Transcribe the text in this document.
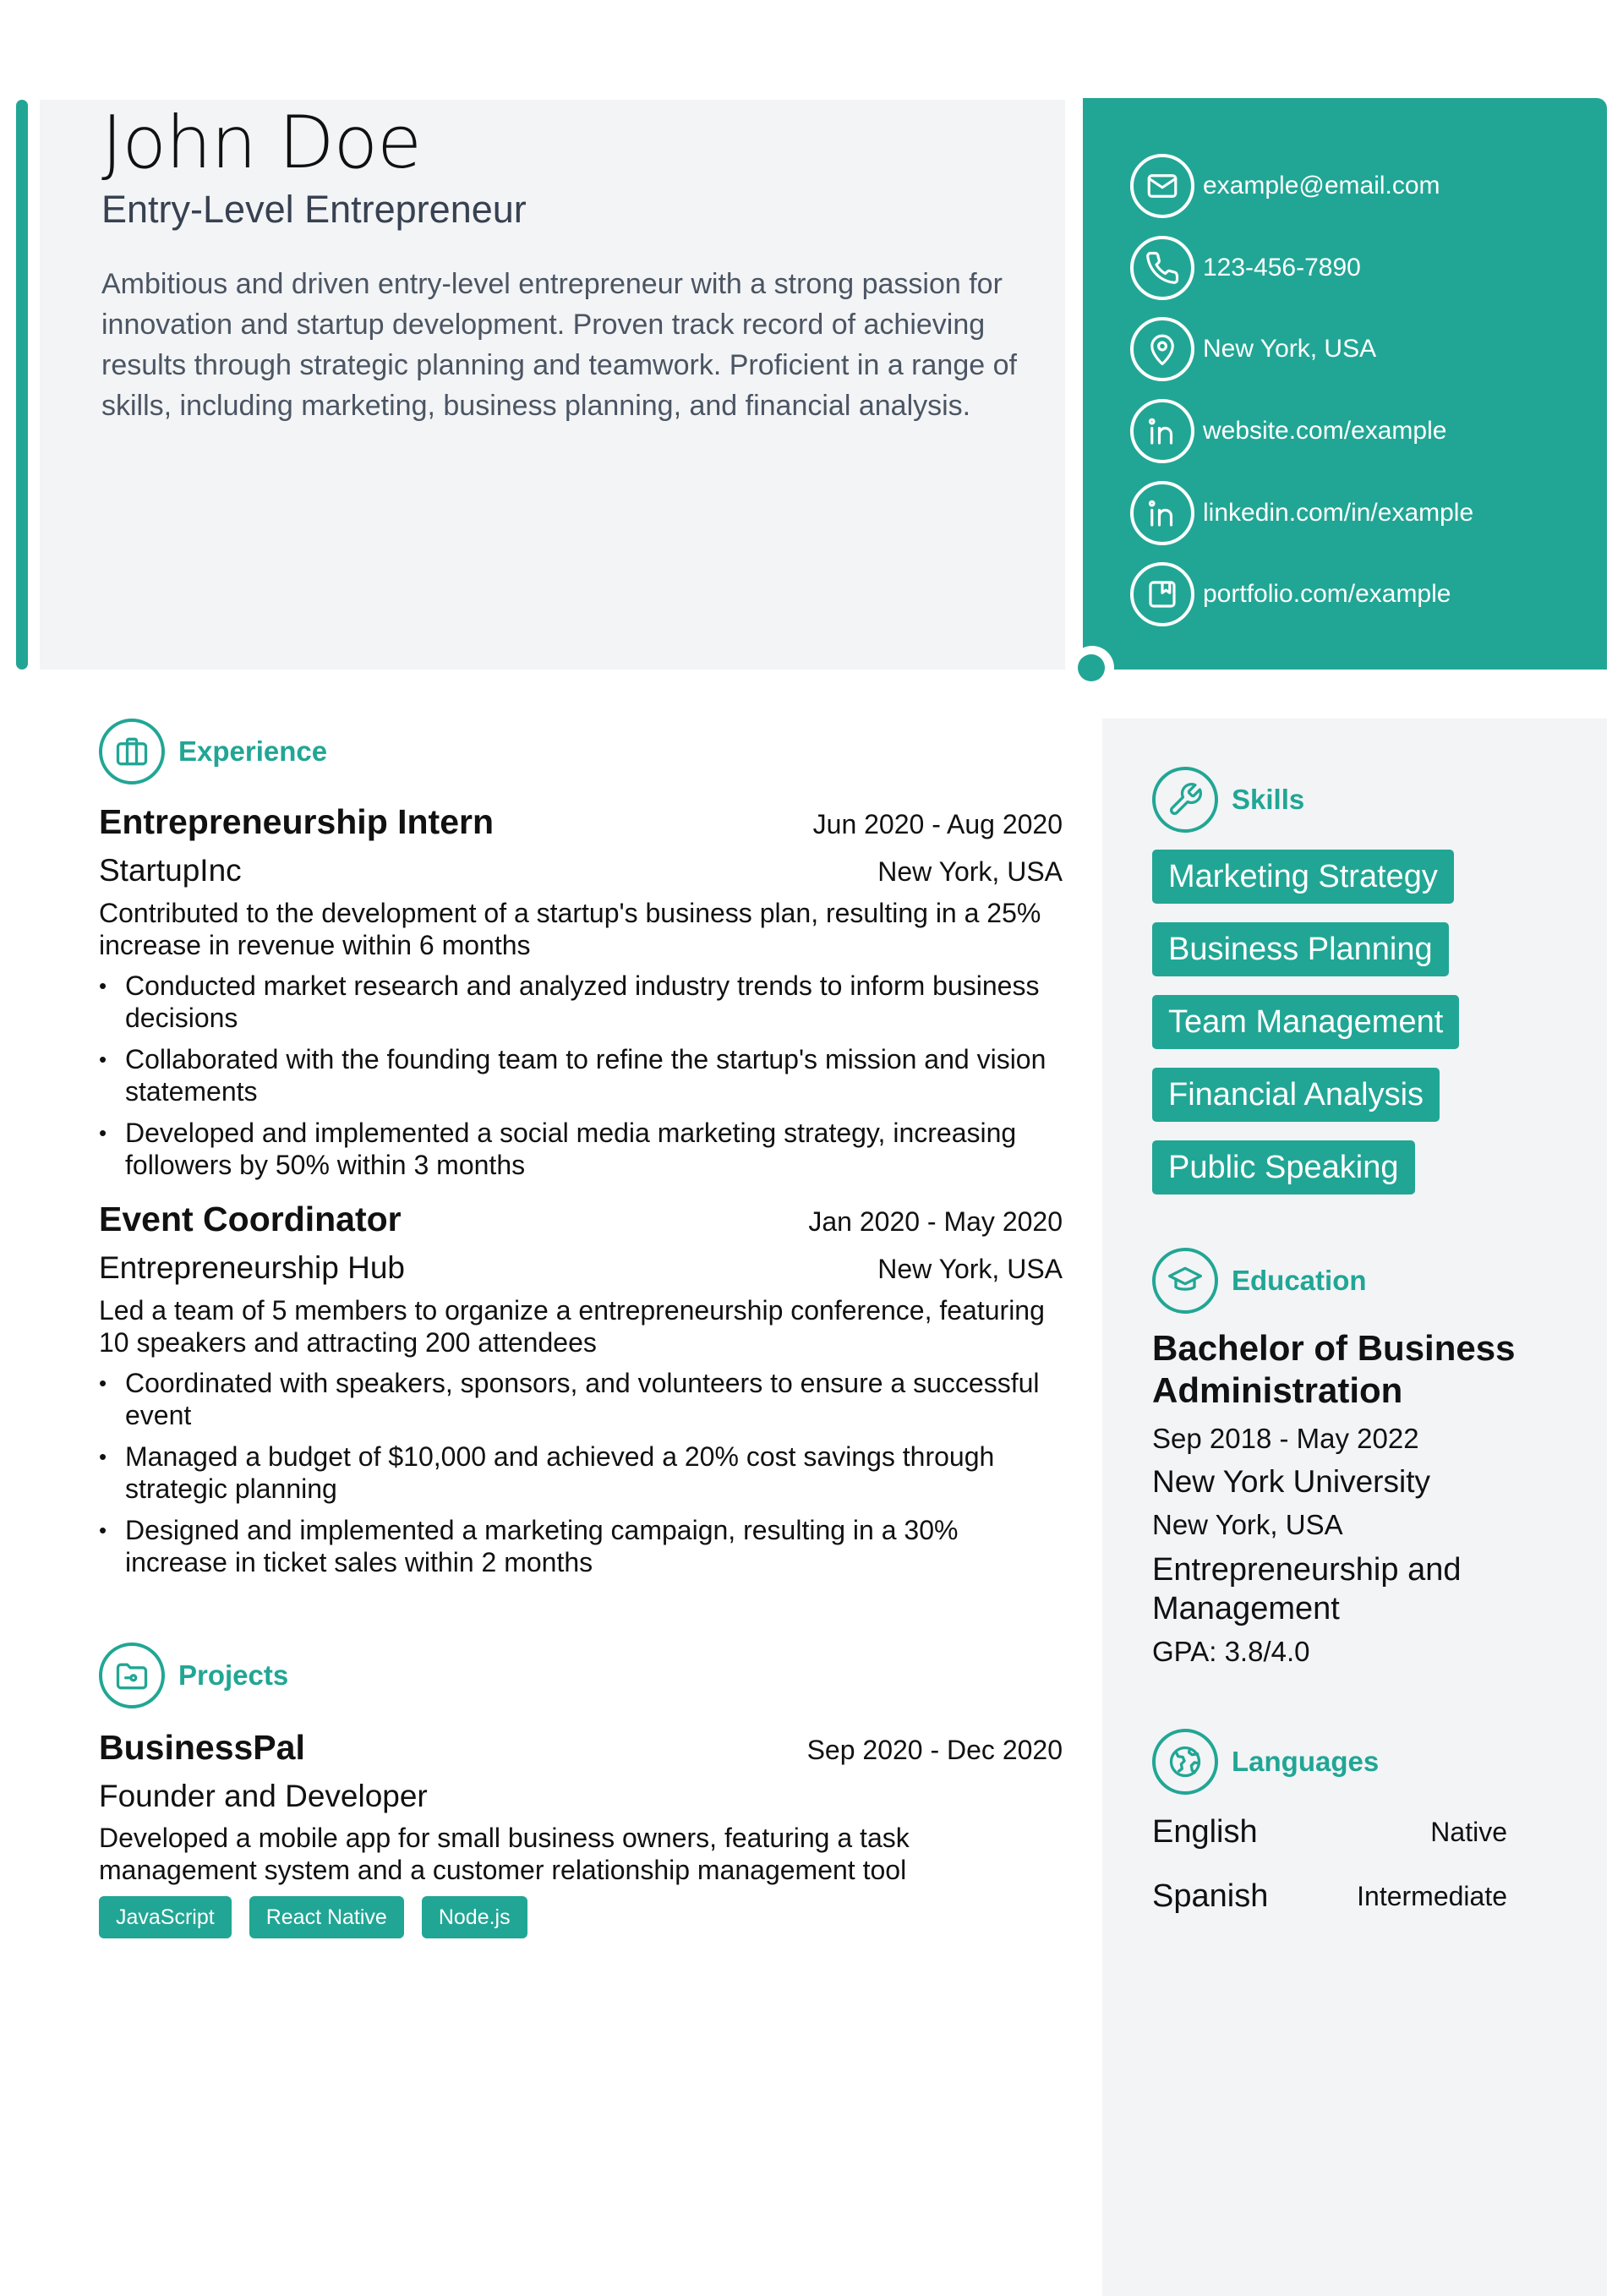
John Doe
Entry-Level Entrepreneur
Ambitious and driven entry-level entrepreneur with a strong passion for innovation and startup development. Proven track record of achieving results through strategic planning and teamwork. Proficient in a range of skills, including marketing, business planning, and financial analysis.
example@email.com
123-456-7890
New York, USA
website.com/example
linkedin.com/in/example
portfolio.com/example
Experience
Entrepreneurship Intern	Jun 2020 - Aug 2020
StartupInc	New York, USA
Contributed to the development of a startup's business plan, resulting in a 25% increase in revenue within 6 months
• Conducted market research and analyzed industry trends to inform business decisions
• Collaborated with the founding team to refine the startup's mission and vision statements
• Developed and implemented a social media marketing strategy, increasing followers by 50% within 3 months
Event Coordinator	Jan 2020 - May 2020
Entrepreneurship Hub	New York, USA
Led a team of 5 members to organize a entrepreneurship conference, featuring 10 speakers and attracting 200 attendees
• Coordinated with speakers, sponsors, and volunteers to ensure a successful event
• Managed a budget of $10,000 and achieved a 20% cost savings through strategic planning
• Designed and implemented a marketing campaign, resulting in a 30% increase in ticket sales within 2 months
Projects
BusinessPal	Sep 2020 - Dec 2020
Founder and Developer
Developed a mobile app for small business owners, featuring a task management system and a customer relationship management tool
JavaScript	React Native	Node.js
Skills
Marketing Strategy
Business Planning
Team Management
Financial Analysis
Public Speaking
Education
Bachelor of Business Administration
Sep 2018 - May 2022
New York University
New York, USA
Entrepreneurship and Management
GPA: 3.8/4.0
Languages
English	Native
Spanish	Intermediate
